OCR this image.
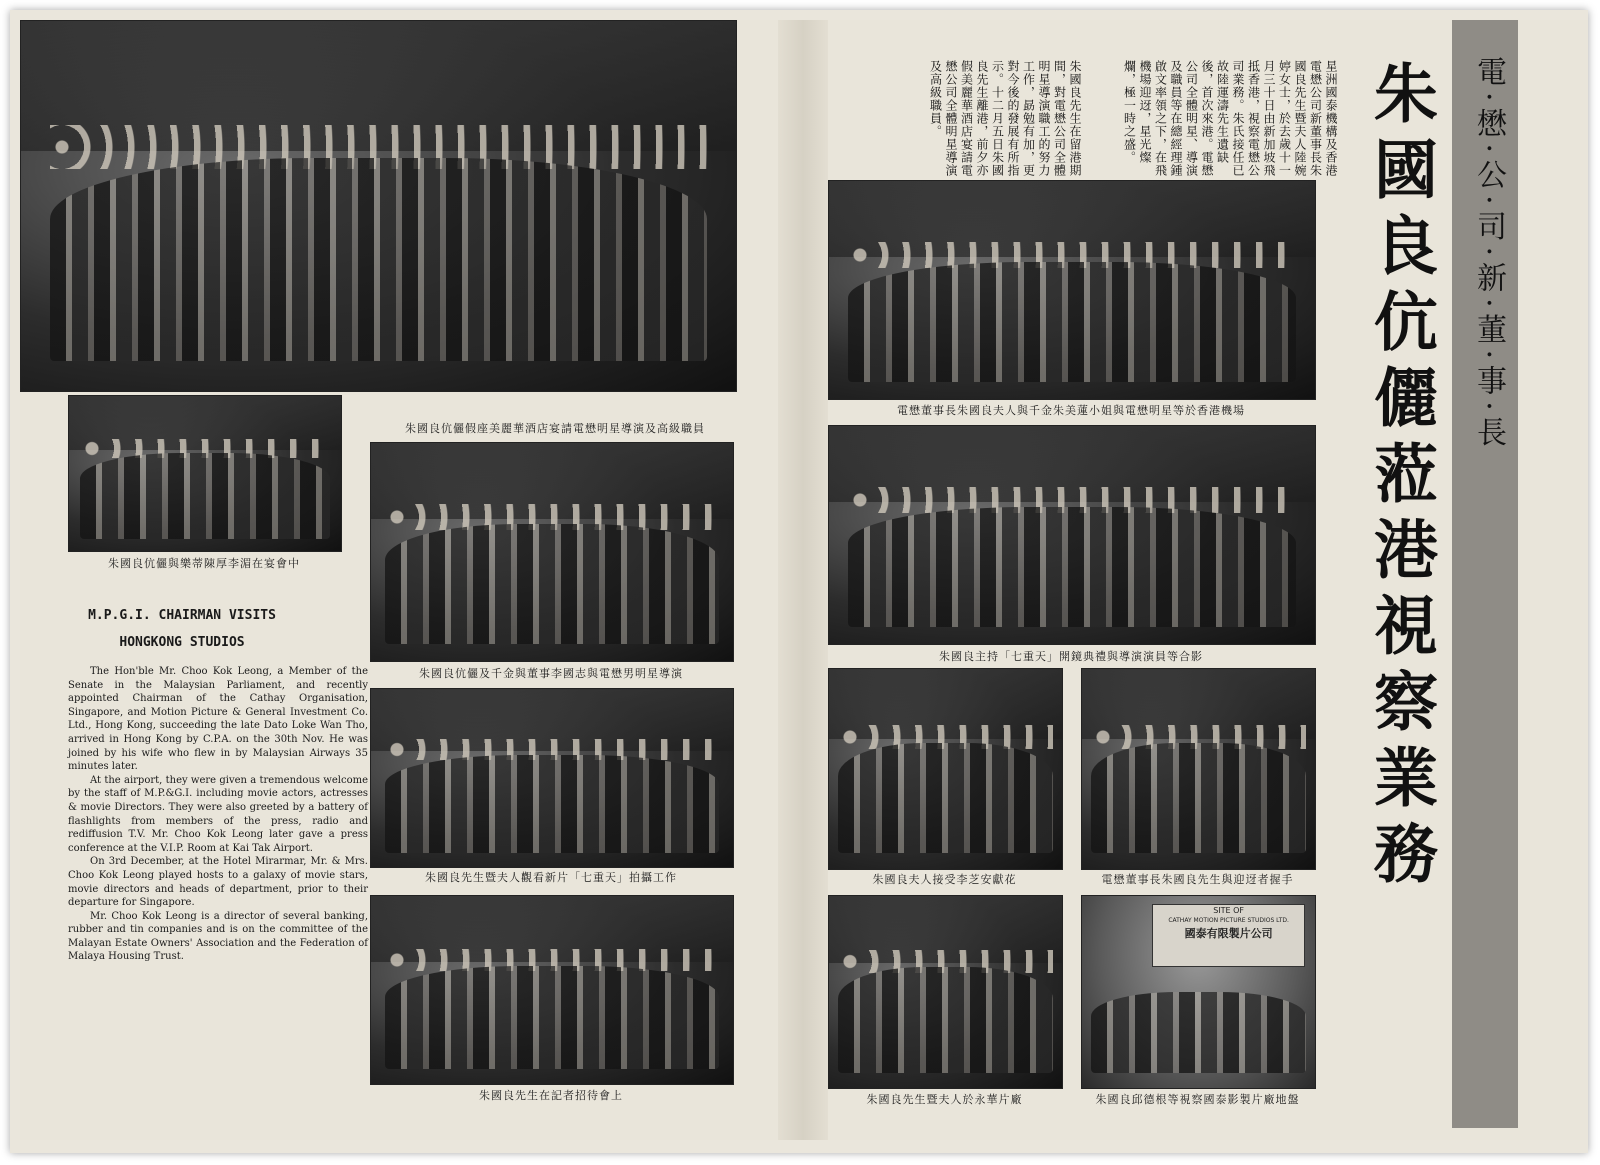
朱國良伉儷假座美麗華酒店宴請電懋明星導演及高級職員
朱國良伉儷與樂蒂陳厚李湄在宴會中
朱國良伉儷及千金與董事李國志與電懋男明星導演
朱國良先生暨夫人觀看新片「七重天」拍攝工作
朱國良先生在記者招待會上
M.P.G.I. CHAIRMAN VISITS
HONGKONG STUDIOS

The Hon'ble Mr. Choo Kok Leong, a Member of the Senate in the Malaysian Parliament, and recently appointed Chairman of the Cathay Organisation, Singapore, and Motion Picture & General Investment Co. Ltd., Hong Kong, succeeding the late Dato Loke Wan Tho, arrived in Hong Kong by C.P.A. on the 30th Nov. He was joined by his wife who flew in by Malaysian Airways 35 minutes later.

At the airport, they were given a tremendous welcome by the staff of M.P.&G.I. including movie actors, actresses & movie Directors. They were also greeted by a battery of flashlights from members of the press, radio and rediffusion T.V. Mr. Choo Kok Leong later gave a press conference at the V.I.P. Room at Kai Tak Airport.

On 3rd December, at the Hotel Mirarmar, Mr. & Mrs. Choo Kok Leong played hosts to a galaxy of movie stars, movie directors and heads of department, prior to their departure for Singapore.

Mr. Choo Kok Leong is a director of several banking, rubber and tin companies and is on the committee of the Malayan Estate Owners' Association and the Federation of Malaya Housing Trust.

星洲國泰機構及香港電懋公司新董事長朱國良先生暨夫人陸婉婷女士，於去歲十一月三十日由新加坡飛抵香港，視察電懋公司業務。朱氏接任已故陸運濤先生遺缺後，首次來港。電懋公司全體明星、導演及職員等在總經理鍾啟文率領之下，在飛機場迎迓，星光燦爛，極一時之盛。
朱國良先生在留港期間，對電懋公司全體明星導演職工的努力工作，勗勉有加，更對今後的發展有所指示。十二月五日朱國良先生離港，前夕亦假美麗華酒店宴請電懋公司全體明星導演及高級職員。
電懋董事長朱國良夫人與千金朱美蓮小姐與電懋明星等於香港機場
朱國良主持「七重天」開鏡典禮與導演演員等合影
朱國良夫人接受李芝安獻花	電懋董事長朱國良先生與迎迓者握手
朱國良先生暨夫人於永華片廠
SITE OF
CATHAY MOTION PICTURE STUDIOS LTD.
國泰有限製片公司
朱國良邱德根等視察國泰影製片廠地盤
朱國良伉儷蒞港視察業務 電·懋·公·司·新·董·事·長
